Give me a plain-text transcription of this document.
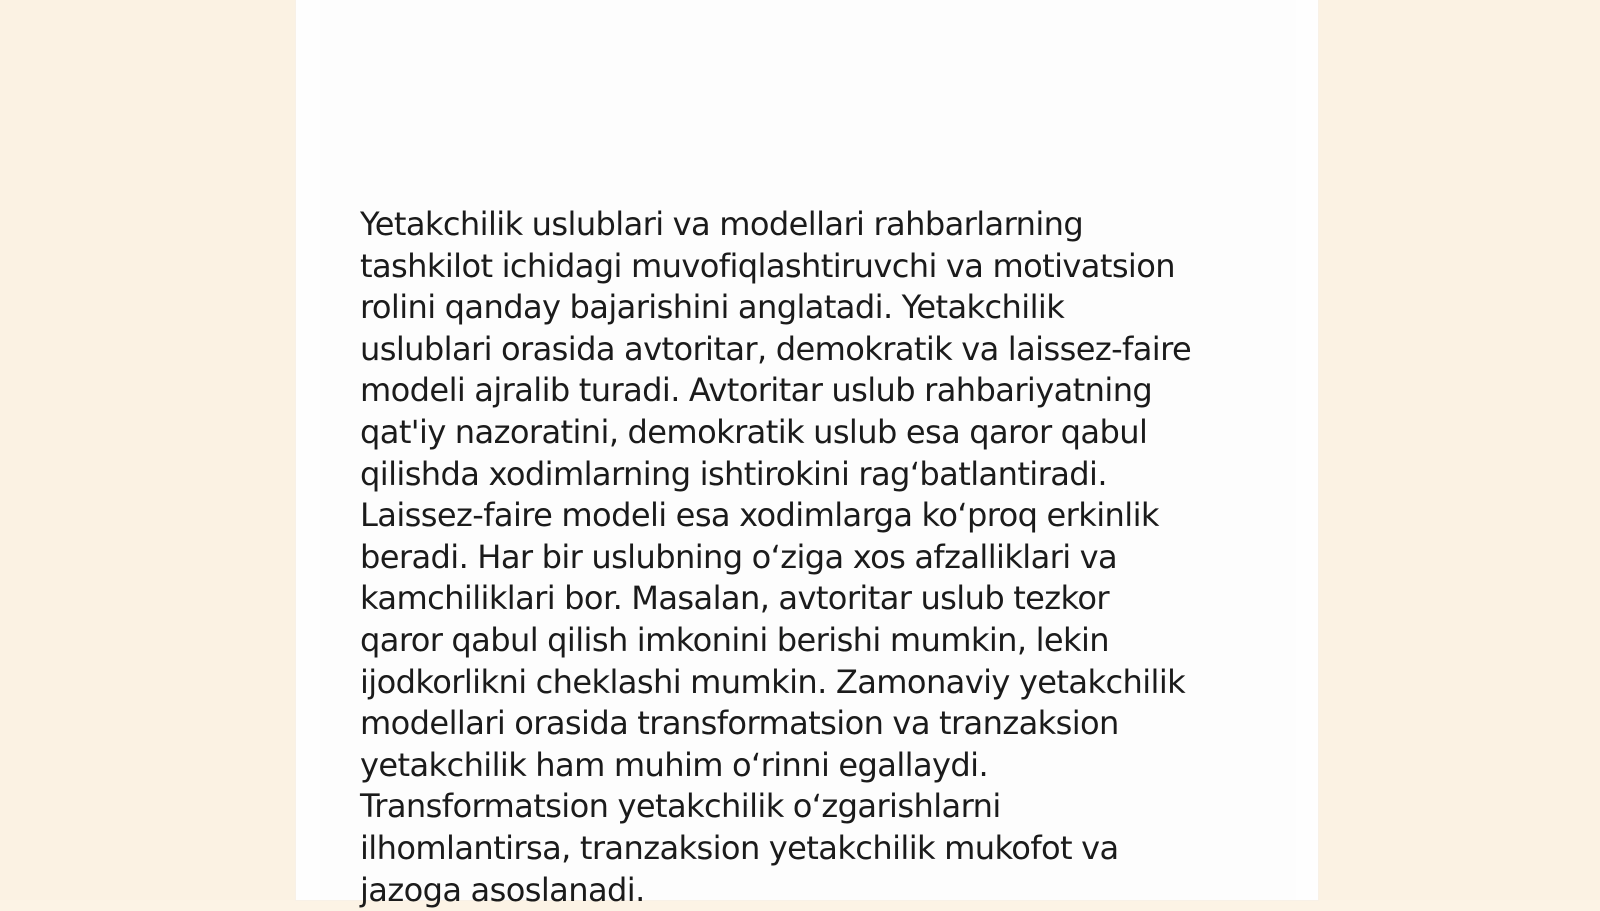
Yetakchilik uslublari va modellari rahbarlarning
tashkilot ichidagi muvofiqlashtiruvchi va motivatsion
rolini qanday bajarishini anglatadi. Yetakchilik
uslublari orasida avtoritar, demokratik va laissez-faire
modeli ajralib turadi. Avtoritar uslub rahbariyatning
qat'iy nazoratini, demokratik uslub esa qaror qabul
qilishda xodimlarning ishtirokini rag‘batlantiradi.
Laissez-faire modeli esa xodimlarga ko‘proq erkinlik
beradi. Har bir uslubning o‘ziga xos afzalliklari va
kamchiliklari bor. Masalan, avtoritar uslub tezkor
qaror qabul qilish imkonini berishi mumkin, lekin
ijodkorlikni cheklashi mumkin. Zamonaviy yetakchilik
modellari orasida transformatsion va tranzaksion
yetakchilik ham muhim o‘rinni egallaydi.
Transformatsion yetakchilik o‘zgarishlarni
ilhomlantirsa, tranzaksion yetakchilik mukofot va
jazoga asoslanadi.
